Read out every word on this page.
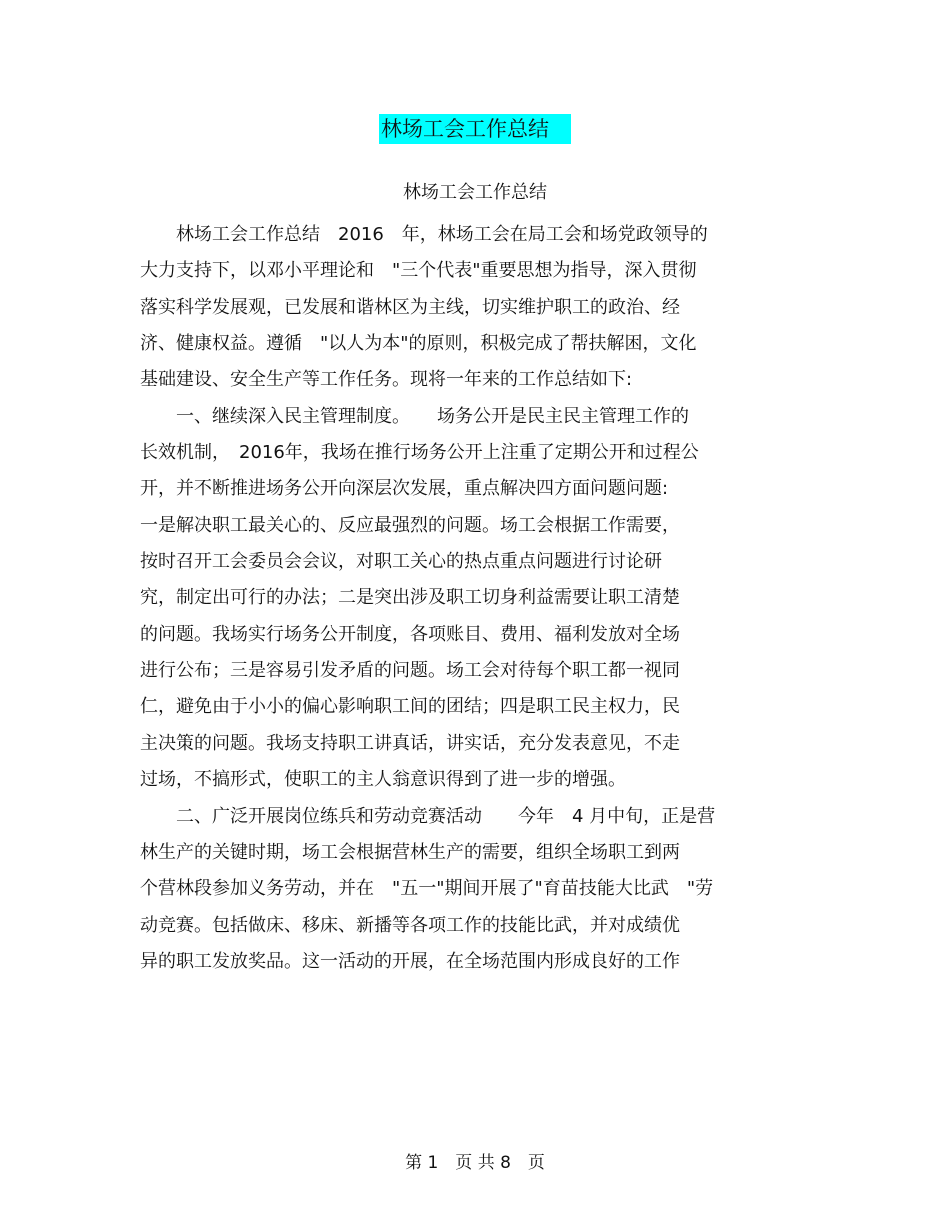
林场工会工作总结
林场工会工作总结
　　林场工会工作总结　2016　年，林场工会在局工会和场党政领导的
大力支持下，以邓小平理论和　"三个代表"重要思想为指导，深入贯彻
落实科学发展观，已发展和谐林区为主线，切实维护职工的政治、经
济、健康权益。遵循　"以人为本"的原则，积极完成了帮扶解困，文化
基础建设、安全生产等工作任务。现将一年来的工作总结如下:
　　一、继续深入民主管理制度。　　场务公开是民主民主管理工作的
长效机制，　2016年，我场在推行场务公开上注重了定期公开和过程公
开，并不断推进场务公开向深层次发展，重点解决四方面问题问题:
一是解决职工最关心的、反应最强烈的问题。场工会根据工作需要，
按时召开工会委员会会议，对职工关心的热点重点问题进行讨论研
究，制定出可行的办法；二是突出涉及职工切身利益需要让职工清楚
的问题。我场实行场务公开制度，各项账目、费用、福利发放对全场
进行公布；三是容易引发矛盾的问题。场工会对待每个职工都一视同
仁，避免由于小小的偏心影响职工间的团结；四是职工民主权力，民
主决策的问题。我场支持职工讲真话，讲实话，充分发表意见，不走
过场，不搞形式，使职工的主人翁意识得到了进一步的增强。
　　二、广泛开展岗位练兵和劳动竞赛活动　　今年　4 月中旬，正是营
林生产的关键时期，场工会根据营林生产的需要，组织全场职工到两
个营林段参加义务劳动，并在　"五一"期间开展了"育苗技能大比武　"劳
动竞赛。包括做床、移床、新播等各项工作的技能比武，并对成绩优
异的职工发放奖品。这一活动的开展，在全场范围内形成良好的工作
第 1　页 共 8　页
